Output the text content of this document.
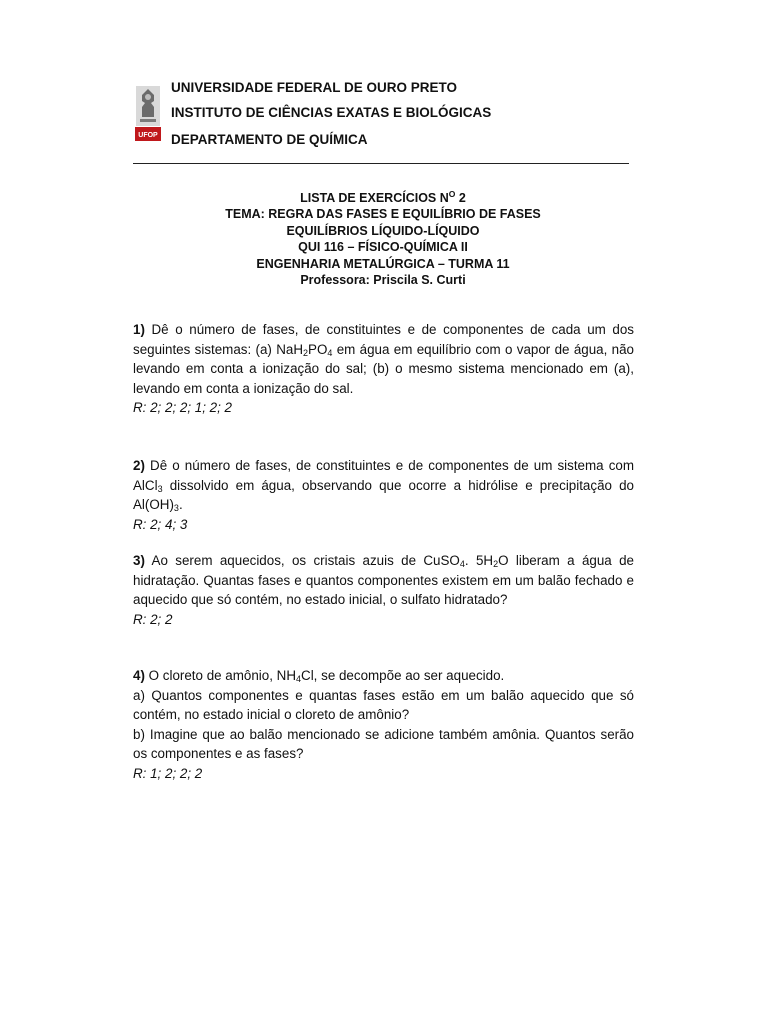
UFOP
UNIVERSIDADE FEDERAL DE OURO PRETO
INSTITUTO DE CIÊNCIAS EXATAS E BIOLÓGICAS
DEPARTAMENTO DE QUÍMICA
LISTA DE EXERCÍCIOS $N^O$ 2
TEMA: REGRA DAS FASES E EQUILÍBRIO DE FASES
EQUILÍBRIOS LÍQUIDO-LÍQUIDO
QUI 116 – FÍSICO-QUÍMICA II
ENGENHARIA METALÚRGICA – TURMA 11
Professora: Priscila S. Curti

1) Dê o número de fases, de constituintes e de componentes de cada um dos seguintes sistemas: (a) $NaH_2PO_4$ em água em equilíbrio com o vapor de água, não levando em conta a ionização do sal; (b) o mesmo sistema mencionado em (a), levando em conta a ionização do sal.

R: 2; 2; 2; 1; 2; 2

2) Dê o número de fases, de constituintes e de componentes de um sistema com AlCl$_3$ dissolvido em água, observando que ocorre a hidrólise e precipitação do $Al(OH)_3$.

R: 2; 4; 3

3) Ao serem aquecidos, os cristais azuis de CuSO$_4$. $5H_2O$ liberam a água de hidratação. Quantas fases e quantos componentes existem em um balão fechado e aquecido que só contém, no estado inicial, o sulfato hidratado?

R: 2; 2

4) O cloreto de amônio, $NH_4Cl$, se decompõe ao ser aquecido.

a) Quantos componentes e quantas fases estão em um balão aquecido que só contém, no estado inicial o cloreto de amônio?

b) Imagine que ao balão mencionado se adicione também amônia. Quantos serão os componentes e as fases?

R: 1; 2; 2; 2
